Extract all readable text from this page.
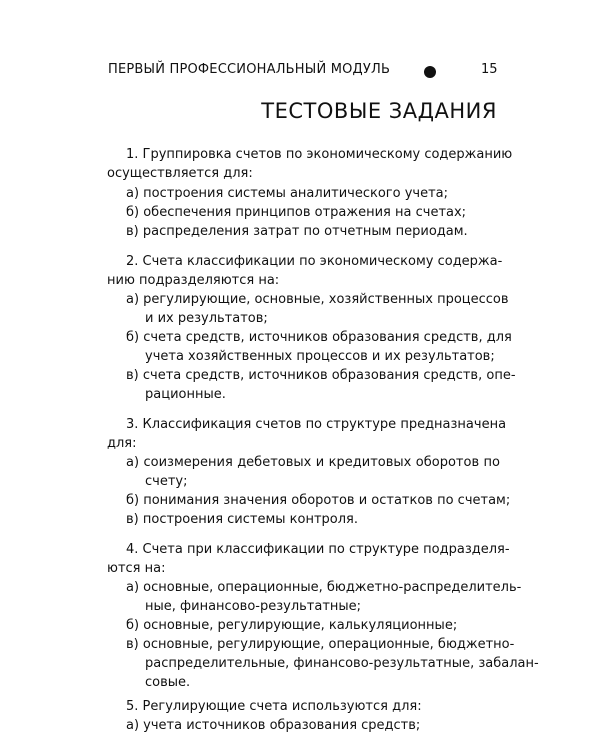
ПЕРВЫЙ ПРОФЕССИОНАЛЬНЫЙ МОДУЛЬ	15
ТЕСТОВЫЕ ЗАДАНИЯ

1. Группировка счетов по экономическому содержанию

осуществляется для:

а) построения системы аналитического учета;

б) обеспечения принципов отражения на счетах;

в) распределения затрат по отчетным периодам.

2. Счета классификации по экономическому содержа-

нию подразделяются на:

а) регулирующие, основные, хозяйственных процессов

и их результатов;

б) счета средств, источников образования средств, для

учета хозяйственных процессов и их результатов;

в) счета средств, источников образования средств, опе-

рационные.

3. Классификация счетов по структуре предназначена

для:

а) соизмерения дебетовых и кредитовых оборотов по

счету;

б) понимания значения оборотов и остатков по счетам;

в) построения системы контроля.

4. Счета при классификации по структуре подразделя-

ются на:

а) основные, операционные, бюджетно-распределитель-

ные, финансово-результатные;

б) основные, регулирующие, калькуляционные;

в) основные, регулирующие, операционные, бюджетно-

распределительные, финансово-результатные, забалан-

совые.

5. Регулирующие счета используются для:

а) учета источников образования средств;
